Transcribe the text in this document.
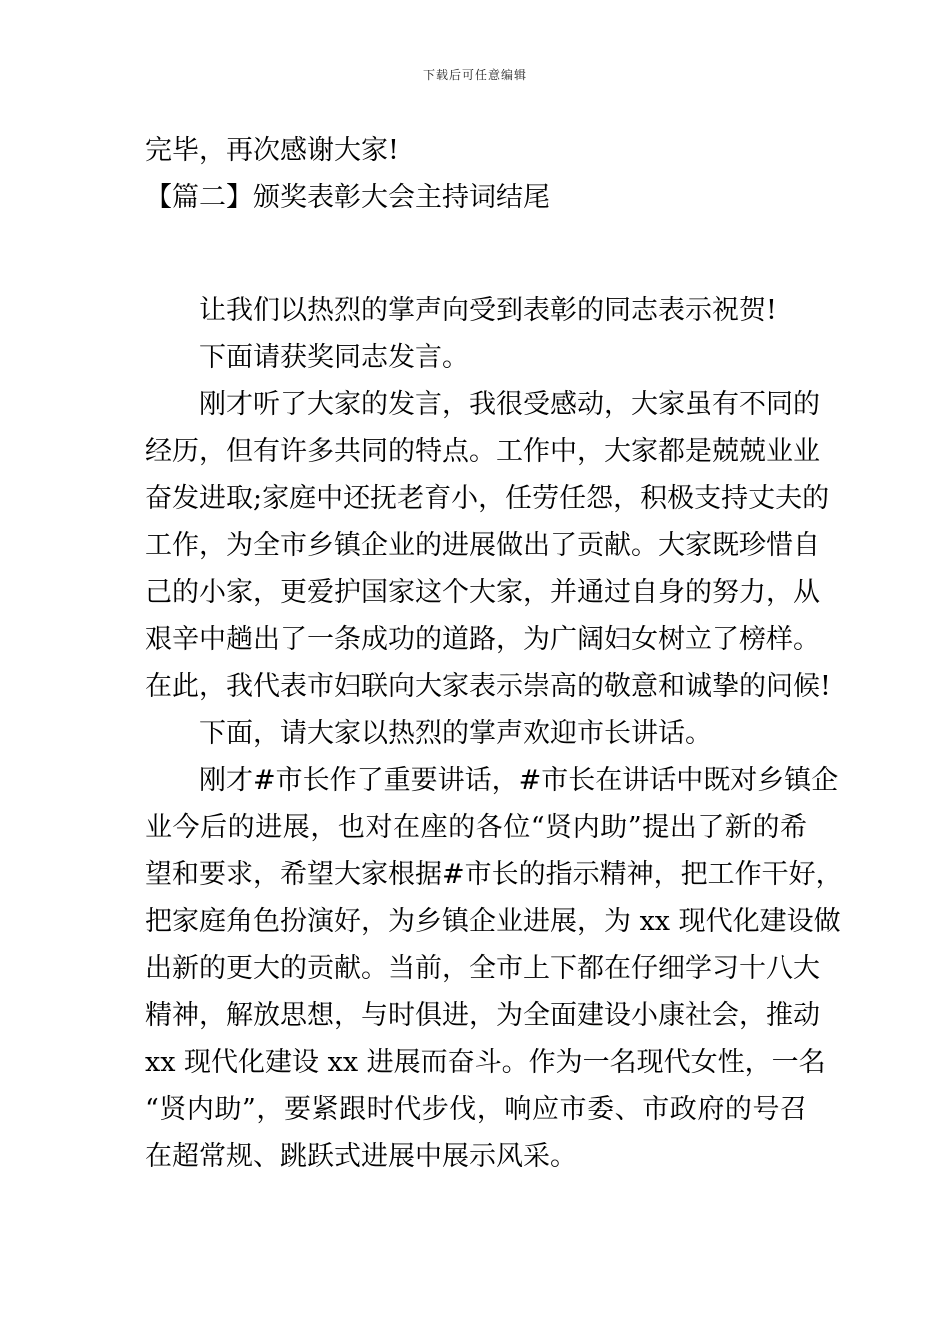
下载后可任意编辑
完毕，再次感谢大家!
【篇二】颁奖表彰大会主持词结尾
让我们以热烈的掌声向受到表彰的同志表示祝贺!
下面请获奖同志发言。
刚才听了大家的发言，我很受感动，大家虽有不同的
经历，但有许多共同的特点。工作中，大家都是兢兢业业
奋发进取;家庭中还抚老育小，任劳任怨，积极支持丈夫的
工作，为全市乡镇企业的进展做出了贡献。大家既珍惜自
己的小家，更爱护国家这个大家，并通过自身的努力，从
艰辛中趟出了一条成功的道路，为广阔妇女树立了榜样。
在此，我代表市妇联向大家表示崇高的敬意和诚挚的问候!
下面，请大家以热烈的掌声欢迎市长讲话。
刚才#市长作了重要讲话，#市长在讲话中既对乡镇企
业今后的进展，也对在座的各位“贤内助”提出了新的希
望和要求，希望大家根据#市长的指示精神，把工作干好，
把家庭角色扮演好，为乡镇企业进展，为 xx 现代化建设做
出新的更大的贡献。当前，全市上下都在仔细学习十八大
精神，解放思想，与时俱进，为全面建设小康社会，推动
xx 现代化建设 xx 进展而奋斗。作为一名现代女性，一名
“贤内助”，要紧跟时代步伐，响应市委、市政府的号召
在超常规、跳跃式进展中展示风采。
